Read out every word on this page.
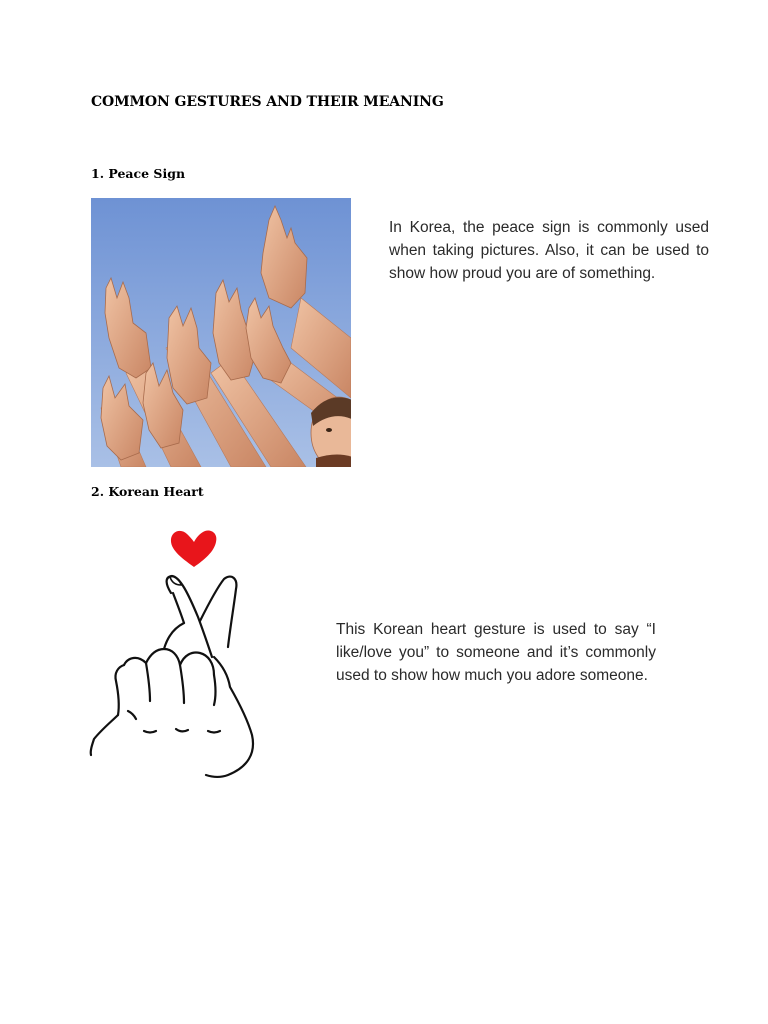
COMMON GESTURES AND THEIR MEANING
1. Peace Sign
In Korea, the peace sign is commonly used when taking pictures. Also, it can be used to show how proud you are of something.
2. Korean Heart
This Korean heart gesture is used to say “I like/love you” to someone and it’s commonly used to show how much you adore someone.
